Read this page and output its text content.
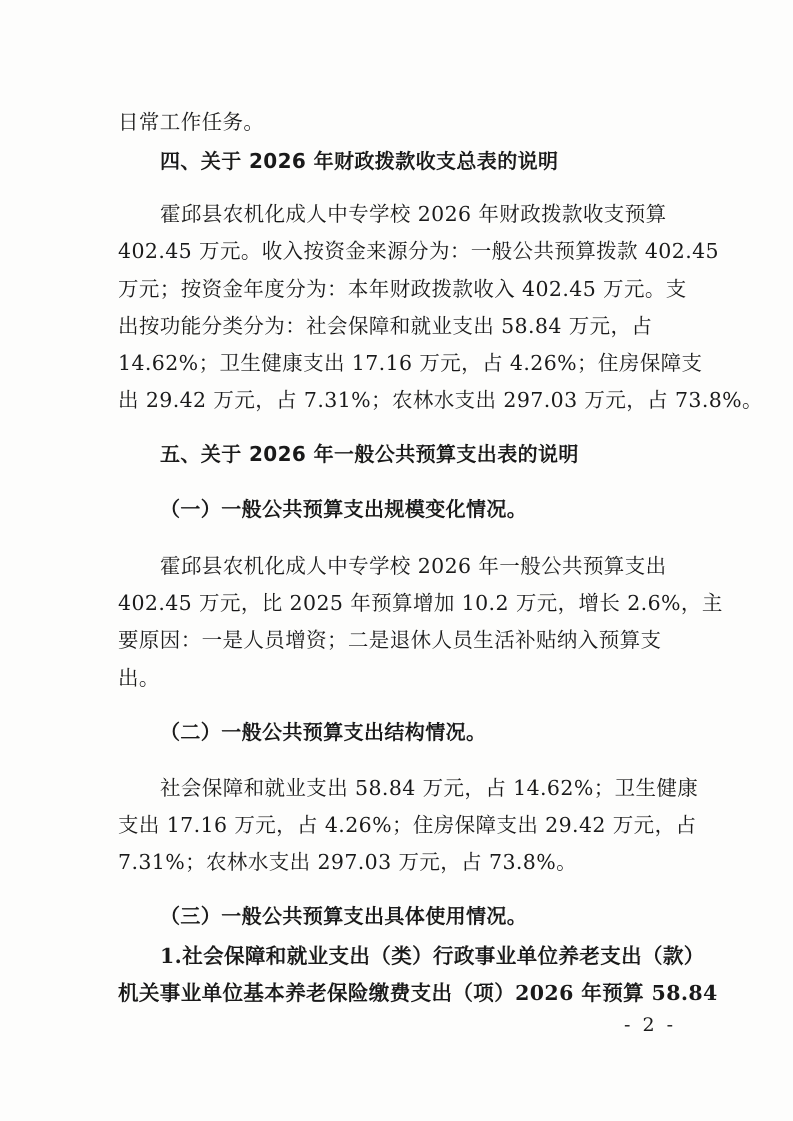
日常工作任务。
四、关于 2026 年财政拨款收支总表的说明
霍邱县农机化成人中专学校 2026 年财政拨款收支预算
402.45 万元。收入按资金来源分为：一般公共预算拨款 402.45
万元；按资金年度分为：本年财政拨款收入 402.45 万元。支
出按功能分类分为：社会保障和就业支出 58.84 万元，占
14.62%；卫生健康支出 17.16 万元，占 4.26%；住房保障支
出 29.42 万元，占 7.31%；农林水支出 297.03 万元，占 73.8%。
五、关于 2026 年一般公共预算支出表的说明
（一）一般公共预算支出规模变化情况。
霍邱县农机化成人中专学校 2026 年一般公共预算支出
402.45 万元，比 2025 年预算增加 10.2 万元，增长 2.6%，主
要原因：一是人员增资；二是退休人员生活补贴纳入预算支
出。
（二）一般公共预算支出结构情况。
社会保障和就业支出 58.84 万元，占 14.62%；卫生健康
支出 17.16 万元，占 4.26%；住房保障支出 29.42 万元，占
7.31%；农林水支出 297.03 万元，占 73.8%。
（三）一般公共预算支出具体使用情况。
1.社会保障和就业支出（类）行政事业单位养老支出（款）
机关事业单位基本养老保险缴费支出（项）2026 年预算 58.84
- 2 -
